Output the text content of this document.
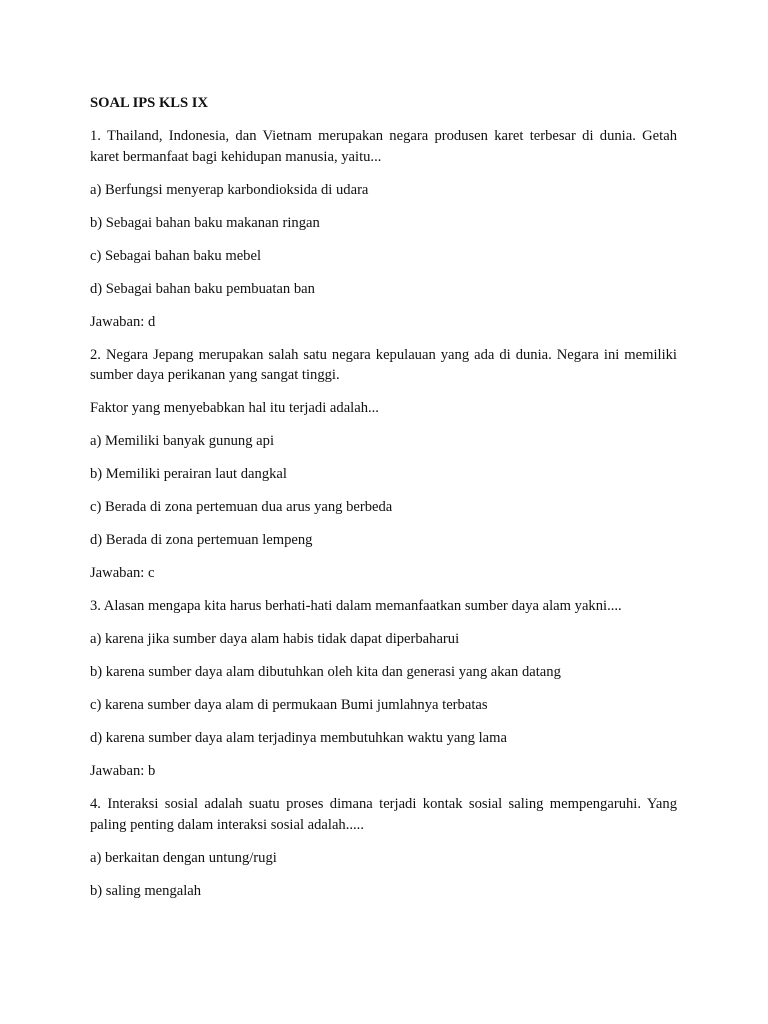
SOAL IPS KLS IX
1. Thailand, Indonesia, dan Vietnam merupakan negara produsen karet terbesar di dunia. Getah karet bermanfaat bagi kehidupan manusia, yaitu...
a) Berfungsi menyerap karbondioksida di udara
b) Sebagai bahan baku makanan ringan
c) Sebagai bahan baku mebel
d) Sebagai bahan baku pembuatan ban
Jawaban: d
2. Negara Jepang merupakan salah satu negara kepulauan yang ada di dunia. Negara ini memiliki sumber daya perikanan yang sangat tinggi.
Faktor yang menyebabkan hal itu terjadi adalah...
a) Memiliki banyak gunung api
b) Memiliki perairan laut dangkal
c) Berada di zona pertemuan dua arus yang berbeda
d) Berada di zona pertemuan lempeng
Jawaban: c
3. Alasan mengapa kita harus berhati-hati dalam memanfaatkan sumber daya alam yakni....
a) karena jika sumber daya alam habis tidak dapat diperbaharui
b) karena sumber daya alam dibutuhkan oleh kita dan generasi yang akan datang
c) karena sumber daya alam di permukaan Bumi jumlahnya terbatas
d) karena sumber daya alam terjadinya membutuhkan waktu yang lama
Jawaban: b
4. Interaksi sosial adalah suatu proses dimana terjadi kontak sosial saling mempengaruhi. Yang paling penting dalam interaksi sosial adalah.....
a) berkaitan dengan untung/rugi
b) saling mengalah
